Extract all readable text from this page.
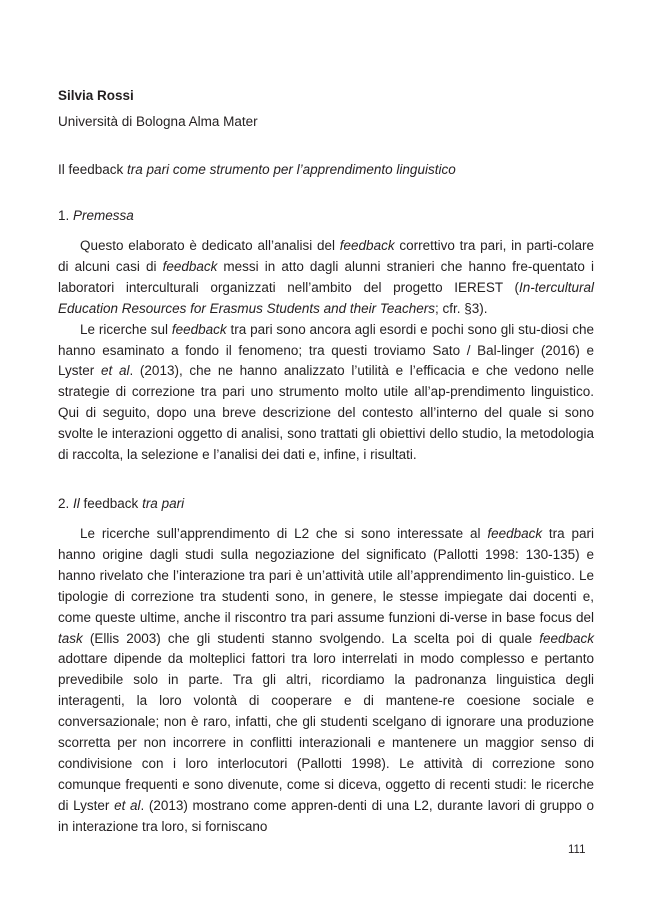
Silvia Rossi

Università di Bologna Alma Mater

Il feedback tra pari come strumento per l’apprendimento linguistico

1. Premessa

Questo elaborato è dedicato all’analisi del feedback correttivo tra pari, in parti-colare di alcuni casi di feedback messi in atto dagli alunni stranieri che hanno fre-quentato i laboratori interculturali organizzati nell’ambito del progetto IEREST (In-tercultural Education Resources for Erasmus Students and their Teachers; cfr. §3).

Le ricerche sul feedback tra pari sono ancora agli esordi e pochi sono gli stu-diosi che hanno esaminato a fondo il fenomeno; tra questi troviamo Sato / Bal-linger (2016) e Lyster et al. (2013), che ne hanno analizzato l’utilità e l’efficacia e che vedono nelle strategie di correzione tra pari uno strumento molto utile all’ap-prendimento linguistico. Qui di seguito, dopo una breve descrizione del contesto all’interno del quale si sono svolte le interazioni oggetto di analisi, sono trattati gli obiettivi dello studio, la metodologia di raccolta, la selezione e l’analisi dei dati e, infine, i risultati.

2. Il feedback tra pari

Le ricerche sull’apprendimento di L2 che si sono interessate al feedback tra pari hanno origine dagli studi sulla negoziazione del significato (Pallotti 1998: 130-135) e hanno rivelato che l’interazione tra pari è un’attività utile all’apprendimento lin-guistico. Le tipologie di correzione tra studenti sono, in genere, le stesse impiegate dai docenti e, come queste ultime, anche il riscontro tra pari assume funzioni di-verse in base focus del task (Ellis 2003) che gli studenti stanno svolgendo. La scelta poi di quale feedback adottare dipende da molteplici fattori tra loro interrelati in modo complesso e pertanto prevedibile solo in parte. Tra gli altri, ricordiamo la padronanza linguistica degli interagenti, la loro volontà di cooperare e di mantene-re coesione sociale e conversazionale; non è raro, infatti, che gli studenti scelgano di ignorare una produzione scorretta per non incorrere in conflitti interazionali e mantenere un maggior senso di condivisione con i loro interlocutori (Pallotti 1998). Le attività di correzione sono comunque frequenti e sono divenute, come si diceva, oggetto di recenti studi: le ricerche di Lyster et al. (2013) mostrano come appren-denti di una L2, durante lavori di gruppo o in interazione tra loro, si forniscano

111
